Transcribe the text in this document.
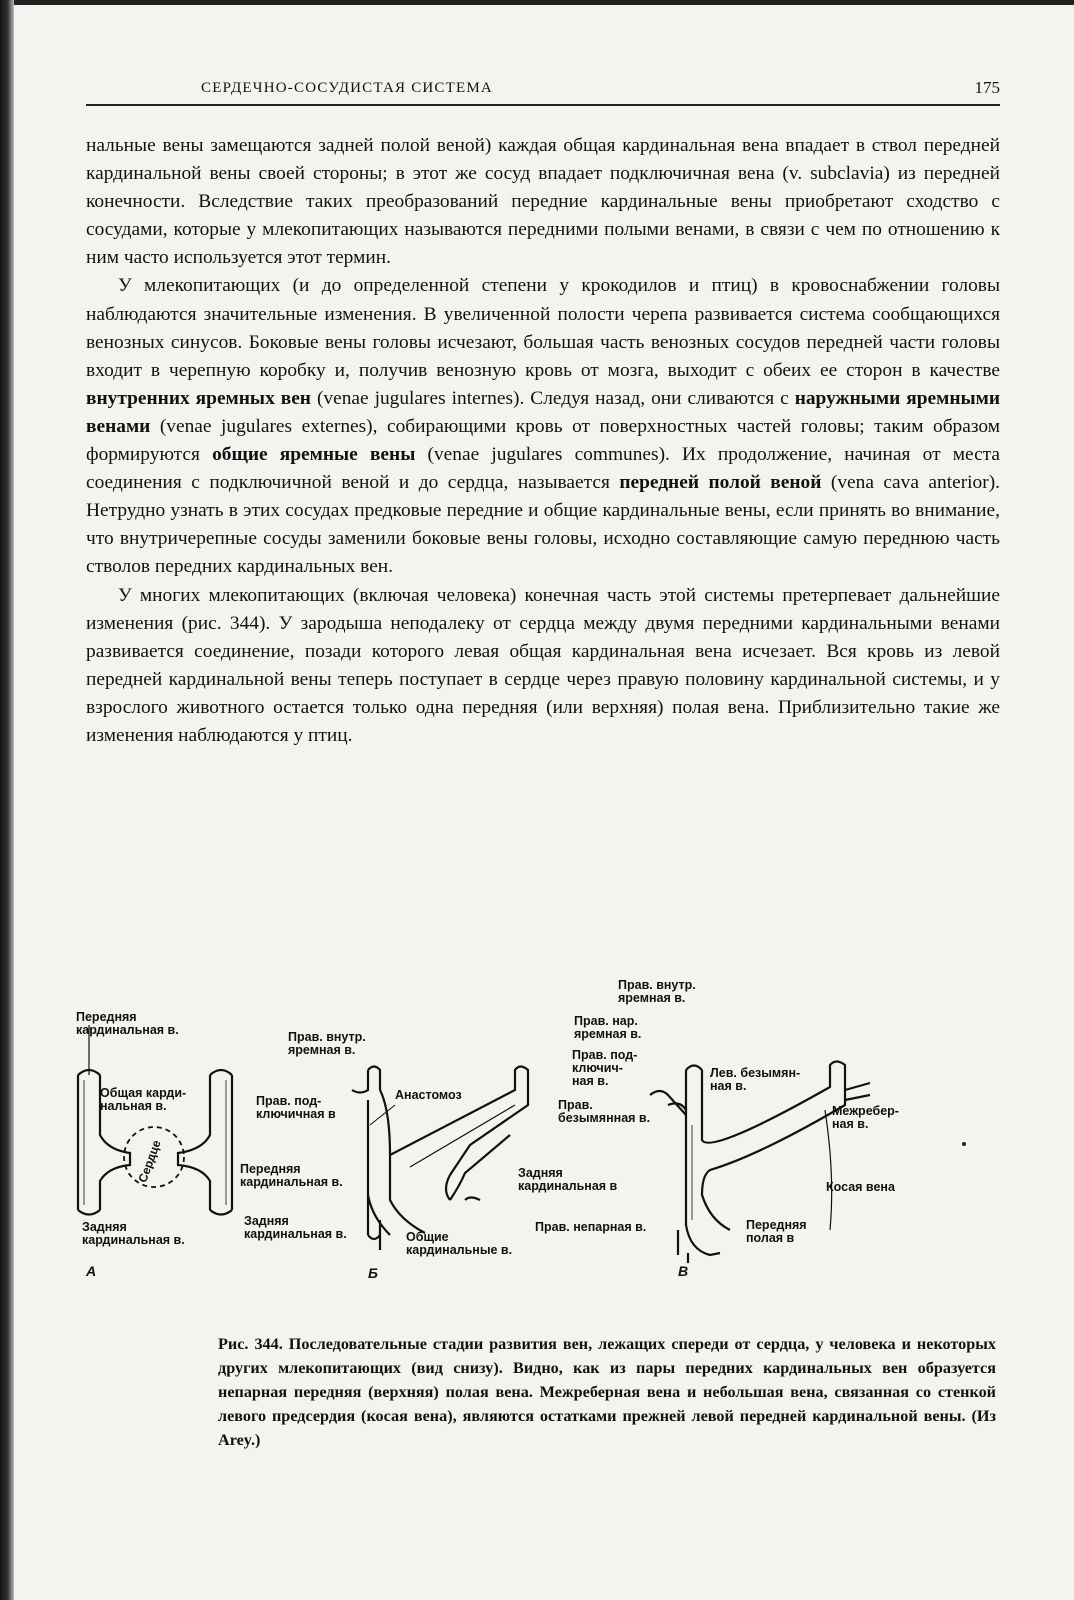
СЕРДЕЧНО-СОСУДИСТАЯ СИСТЕМА	175

нальные вены замещаются задней полой веной) каждая общая кардинальная вена впадает в ствол передней кардинальной вены своей стороны; в этот же сосуд впадает подключичная вена (v. subclavia) из передней конечности. Вследствие таких преобразований передние кардинальные вены приобретают сходство с сосудами, которые у млекопитающих называются передними полыми венами, в связи с чем по отношению к ним часто используется этот термин.

У млекопитающих (и до определенной степени у крокодилов и птиц) в кровоснабжении головы наблюдаются значительные изменения. В увеличенной полости черепа развивается система сообщающихся венозных синусов. Боковые вены головы исчезают, большая часть венозных сосудов передней части головы входит в черепную коробку и, получив венозную кровь от мозга, выходит с обеих ее сторон в качестве внутренних яремных вен (venae jugulares internes). Следуя назад, они сливаются с наружными яремными венами (venae jugulares externes), собирающими кровь от поверхностных частей головы; таким образом формируются общие яремные вены (venae jugulares communes). Их продолжение, начиная от места соединения с подключичной веной и до сердца, называется передней полой веной (vena cava anterior). Нетрудно узнать в этих сосудах предковые передние и общие кардинальные вены, если принять во внимание, что внутричерепные сосуды заменили боковые вены головы, исходно составляющие самую переднюю часть стволов передних кардинальных вен.

У многих млекопитающих (включая человека) конечная часть этой системы претерпевает дальнейшие изменения (рис. 344). У зародыша неподалеку от сердца между двумя передними кардинальными венами развивается соединение, позади которого левая общая кардинальная вена исчезает. Вся кровь из левой передней кардинальной вены теперь поступает в сердце через правую половину кардинальной системы, и у взрослого животного остается только одна передняя (или верхняя) полая вена. Приблизительно такие же изменения наблюдаются у птиц.

Передняя
кардинальная в.
Общая карди-
нальная в.
Сердце
Задняя
кардинальная в.
А
Прав. внутр.
яремная в.
Прав. под-
ключичная в
Анастомоз
Передняя
кардинальная в.
Задняя
кардинальная в
Задняя
кардинальная в.	Общие
кардинальные в.
Б
Прав. внутр.
яремная в.
Прав. нар.
яремная в.
Прав. под-
ключич-
ная в.
Лев. безымян-
ная в.
Прав.
безымянная в.	Межребер-
ная в.
Косая вена
Прав. непарная в.	Передняя
полая в
В
Рис. 344. Последовательные стадии развития вен, лежащих спереди от сердца, у человека и некоторых других млекопитающих (вид снизу). Видно, как из пары передних кардинальных вен образуется непарная передняя (верхняя) полая вена. Межреберная вена и небольшая вена, связанная со стенкой левого предсердия (косая вена), являются остатками прежней левой передней кардинальной вены. (Из Arey.)
